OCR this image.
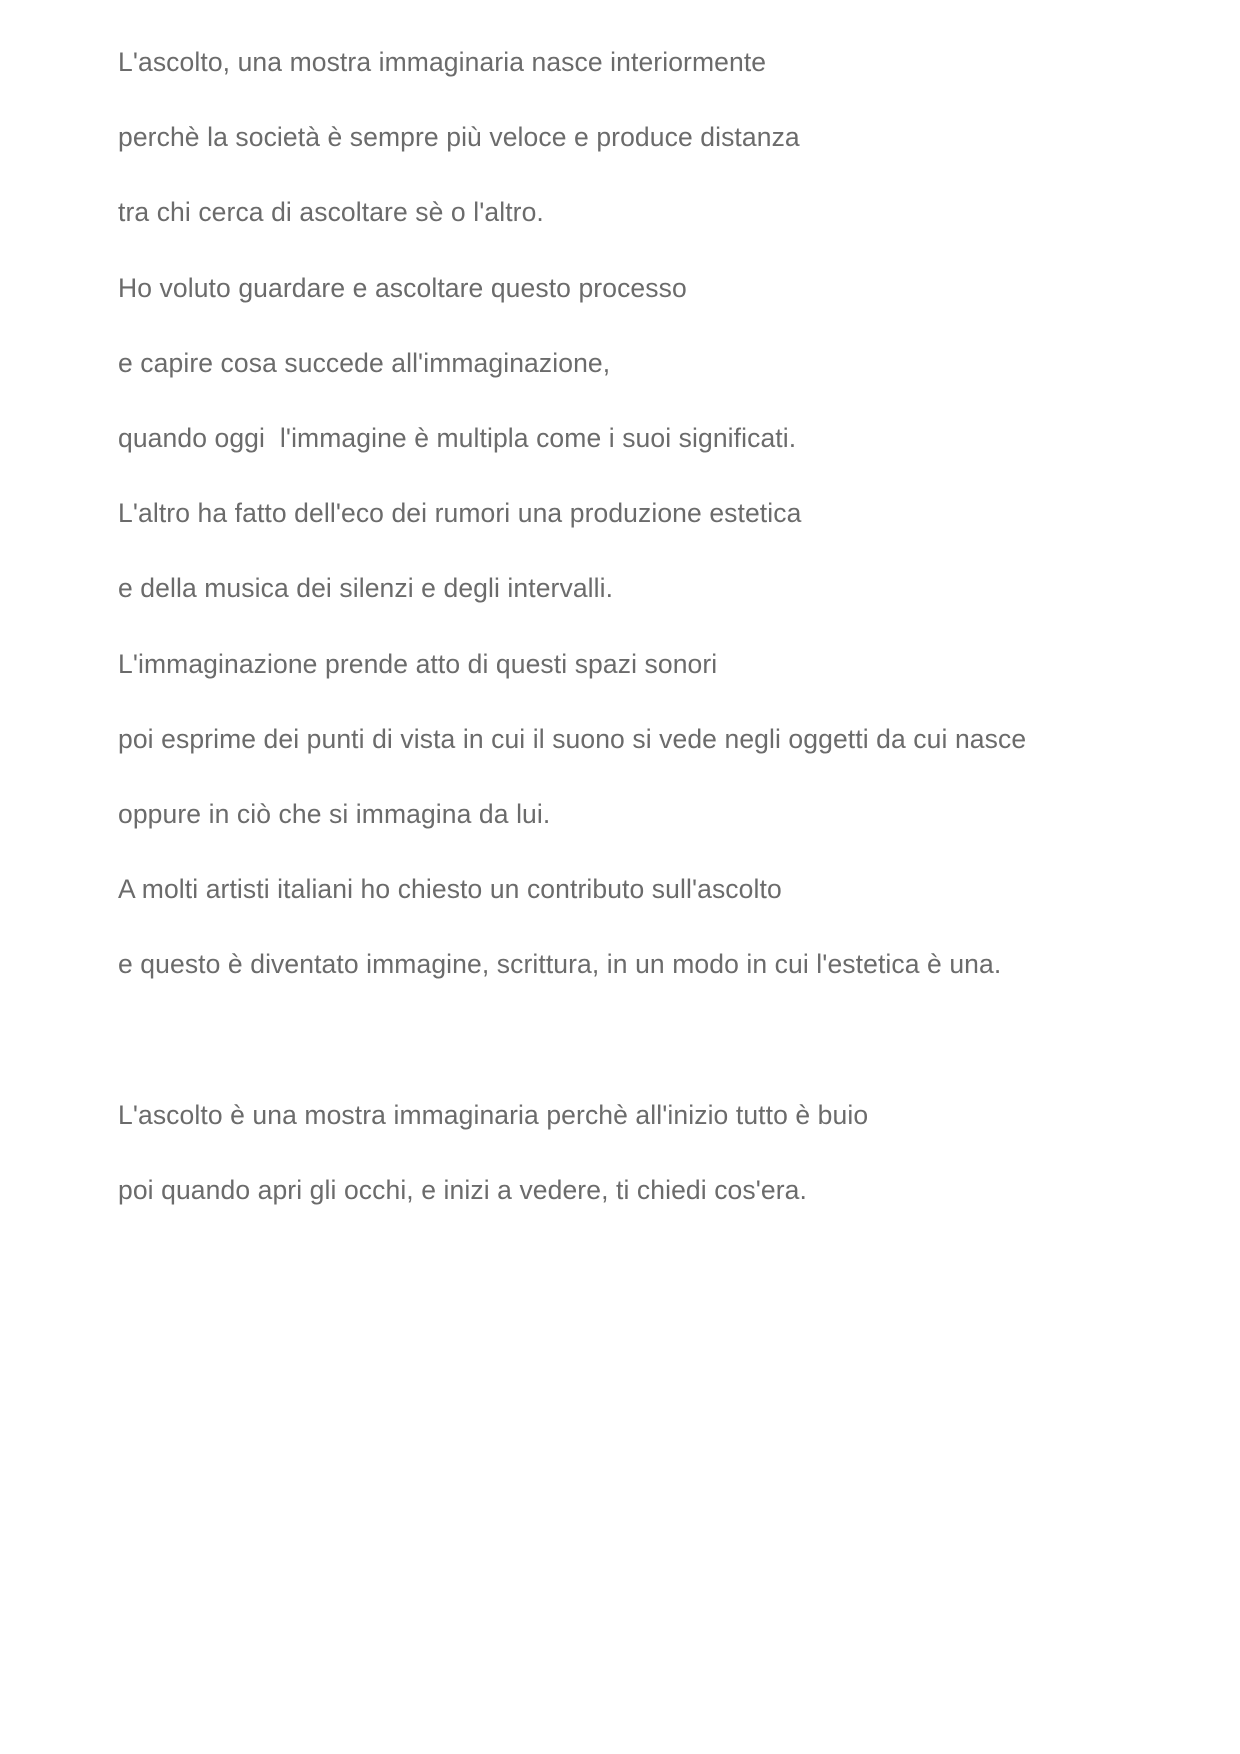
L'ascolto, una mostra immaginaria nasce interiormente
perchè la società è sempre più veloce e produce distanza
tra chi cerca di ascoltare sè o l'altro.
Ho voluto guardare e ascoltare questo processo
e capire cosa succede all'immaginazione,
quando oggi  l'immagine è multipla come i suoi significati.
L'altro ha fatto dell'eco dei rumori una produzione estetica
e della musica dei silenzi e degli intervalli.
L'immaginazione prende atto di questi spazi sonori
poi esprime dei punti di vista in cui il suono si vede negli oggetti da cui nasce
oppure in ciò che si immagina da lui.
A molti artisti italiani ho chiesto un contributo sull'ascolto
e questo è diventato immagine, scrittura, in un modo in cui l'estetica è una.
L'ascolto è una mostra immaginaria perchè all'inizio tutto è buio
poi quando apri gli occhi, e inizi a vedere, ti chiedi cos'era.
